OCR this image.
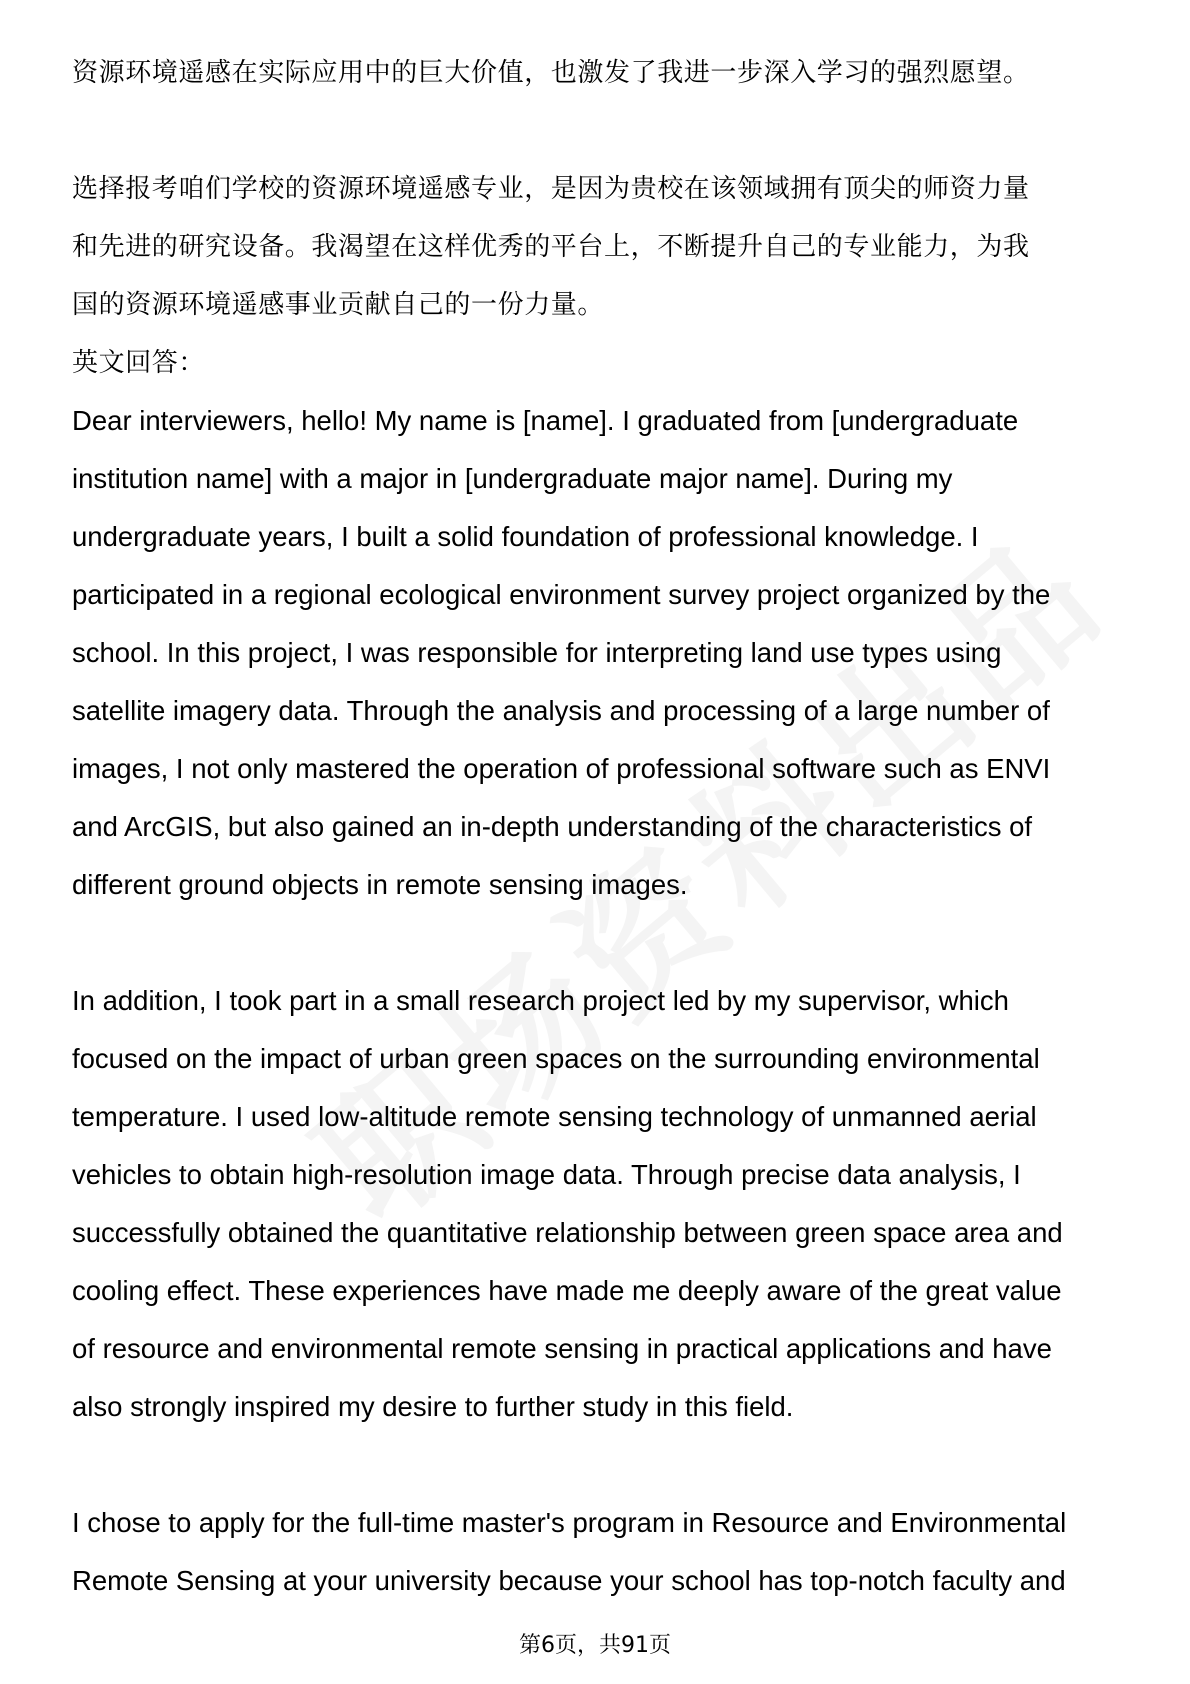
资源环境遥感在实际应用中的巨大价值，也激发了我进一步深入学习的强烈愿望。
选择报考咱们学校的资源环境遥感专业，是因为贵校在该领域拥有顶尖的师资力量
和先进的研究设备。我渴望在这样优秀的平台上，不断提升自己的专业能力，为我
国的资源环境遥感事业贡献自己的一份力量。
英文回答：
Dear interviewers, hello! My name is [name]. I graduated from [undergraduate
institution name] with a major in [undergraduate major name]. During my
undergraduate years, I built a solid foundation of professional knowledge. I
participated in a regional ecological environment survey project organized by the
school. In this project, I was responsible for interpreting land use types using
satellite imagery data. Through the analysis and processing of a large number of
images, I not only mastered the operation of professional software such as ENVI
and ArcGIS, but also gained an in-depth understanding of the characteristics of
different ground objects in remote sensing images.
In addition, I took part in a small research project led by my supervisor, which
focused on the impact of urban green spaces on the surrounding environmental
temperature. I used low-altitude remote sensing technology of unmanned aerial
vehicles to obtain high-resolution image data. Through precise data analysis, I
successfully obtained the quantitative relationship between green space area and
cooling effect. These experiences have made me deeply aware of the great value
of resource and environmental remote sensing in practical applications and have
also strongly inspired my desire to further study in this field.
I chose to apply for the full-time master's program in Resource and Environmental
Remote Sensing at your university because your school has top-notch faculty and
第6页，共91页
